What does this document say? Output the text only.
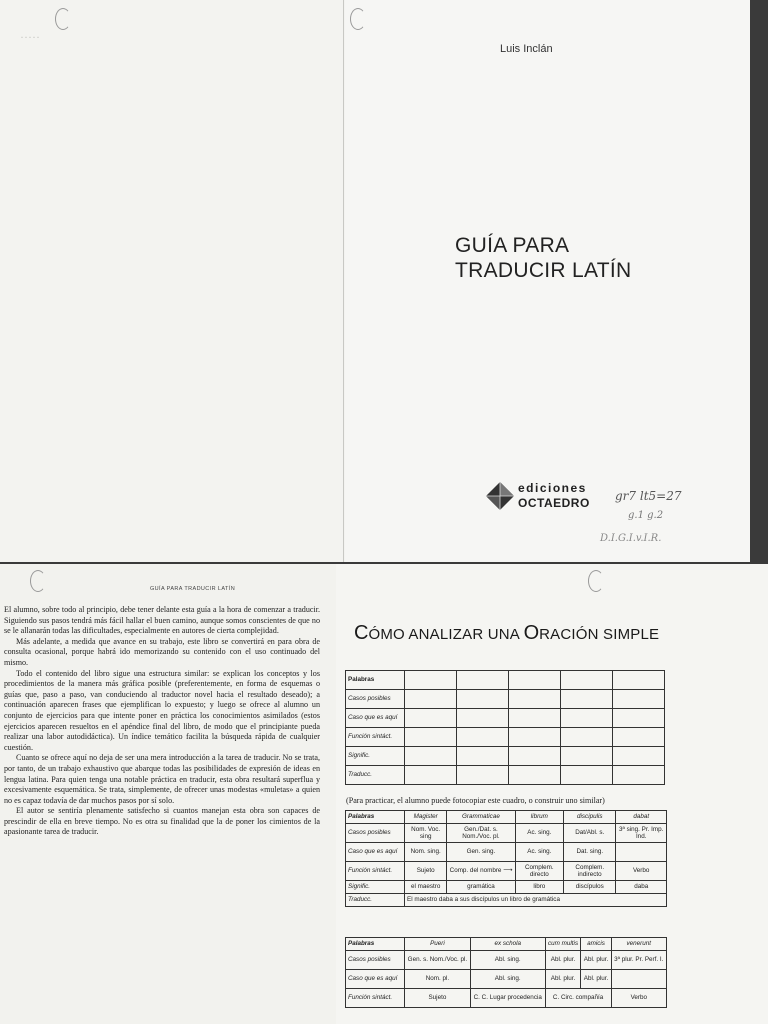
·····
Luis Inclán
GUÍA PARA
TRADUCIR LATÍN
ediciones
OCTAEDRO gr7 lt5=27
g.1 g.2
D.I.G.I.v.I.R.
GUÍA PARA TRADUCIR LATÍN

El alumno, sobre todo al principio, debe tener delante esta guía a la hora de comenzar a traducir. Siguiendo sus pasos tendrá más fácil hallar el buen camino, aunque somos conscientes de que no se le allanarán todas las dificultades, especialmente en autores de cierta complejidad.

Más adelante, a medida que avance en su trabajo, este libro se convertirá en para obra de consulta ocasional, porque habrá ido memorizando su contenido con el uso continuado del mismo.

Todo el contenido del libro sigue una estructura similar: se explican los conceptos y los procedimientos de la manera más gráfica posible (preferentemente, en forma de esquemas o guías que, paso a paso, van conduciendo al traductor novel hacia el resultado deseado); a continuación aparecen frases que ejemplifican lo expuesto; y luego se ofrece al alumno un conjunto de ejercicios para que intente poner en práctica los conocimientos asimilados (estos ejercicios aparecen resueltos en el apéndice final del libro, de modo que el principiante pueda realizar una labor autodidáctica). Un índice temático facilita la búsqueda rápida de cualquier cuestión.

Cuanto se ofrece aquí no deja de ser una mera introducción a la tarea de traducir. No se trata, por tanto, de un trabajo exhaustivo que abarque todas las posibilidades de expresión de ideas en lengua latina. Para quien tenga una notable práctica en traducir, esta obra resultará superflua y excesivamente esquemática. Se trata, simplemente, de ofrecer unas modestas «muletas» a quien no es capaz todavía de dar muchos pasos por sí solo.

El autor se sentiría plenamente satisfecho si cuantos manejan esta obra son capaces de prescindir de ella en breve tiempo. No es otra su finalidad que la de poner los cimientos de la apasionante tarea de traducir.

CÓMO ANALIZAR UNA ORACIÓN SIMPLE
Palabras					
Casos posibles					
Caso que es aquí					
Función sintáct.					
Signific.					
Traducc.					
(Para practicar, el alumno puede fotocopiar este cuadro, o construir uno similar)
Palabras	Magister	Grammaticae	librum	discipulis	dabat
Casos posibles	Nom. Voc. sing	Gen./Dat. s. Nom./Voc. pl.	Ac. sing.	Dat/Abl. s.	3ª sing. Pr. Imp. Ind.
Caso que es aquí	Nom. sing.	Gen. sing.	Ac. sing.	Dat. sing.	
Función sintáct.	Sujeto	Comp. del nombre ⟶	Complem. directo	Complem. indirecto	Verbo
Signific.	el maestro	gramática	libro	discípulos	daba
Traducc.	El maestro daba a sus discípulos un libro de gramática				
Palabras	Pueri	ex schola	cum multis	amicis	venerunt
Casos posibles	Gen. s. Nom./Voc. pl.	Abl. sing.	Abl. plur.	Abl. plur.	3ª plur. Pr. Perf. I.
Caso que es aquí	Nom. pl.	Abl. sing.	Abl. plur.	Abl. plur.	
Función sintáct.	Sujeto	C. C. Lugar procedencia	C. Circ. compañía		Verbo
